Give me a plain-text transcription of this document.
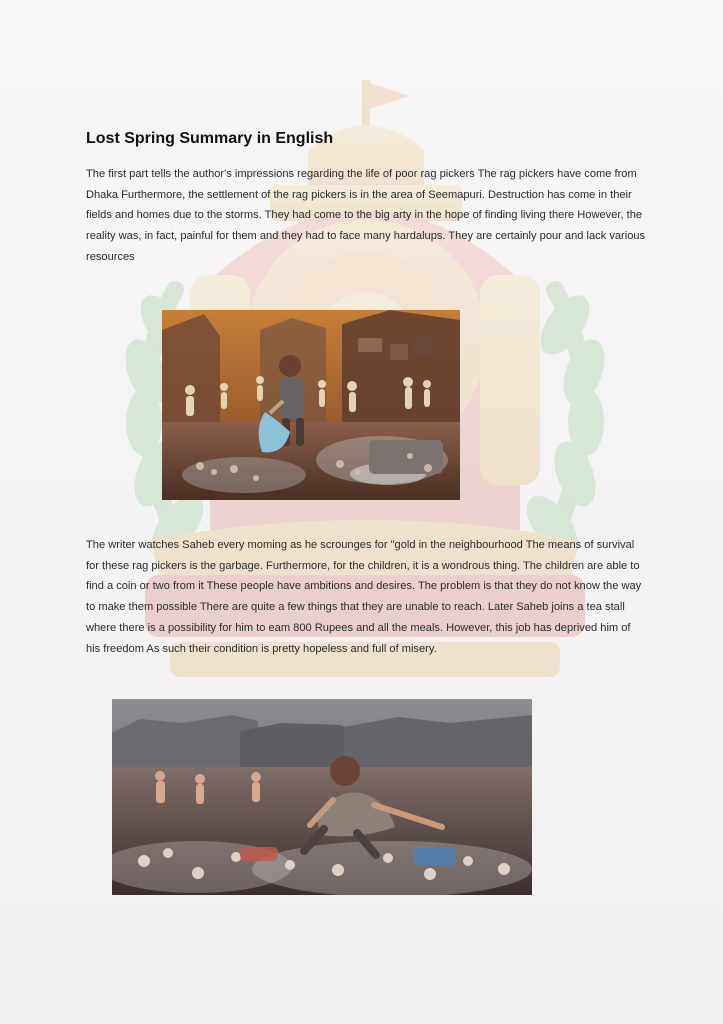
Lost Spring Summary in English

The first part tells the author's impressions regarding the life of poor rag pickers The rag pickers have come from Dhaka Furthermore, the settlement of the rag pickers is in the area of Seemapuri. Destruction has come in their fields and homes due to the storms. They had come to the big arty in the hope of finding living there However, the reality was, in fact, painful for them and they had to face many hardalups. They are certainly pour and lack various resources

The writer watches Saheb every moming as he scrounges for "gold in the neighbourhood The means of survival for these rag pickers is the garbage. Furthermore, for the children, it is a wondrous thing. The children are able to find a coin or two from it These people have ambitions and desires. The problem is that they do not know the way to make them possible There are quite a few things that they are unable to reach. Later Saheb joins a tea stall where there is a possibility for him to eam 800 Rupees and all the meals. However, this job has deprived him of his freedom As such their condition is pretty hopeless and full of misery.
